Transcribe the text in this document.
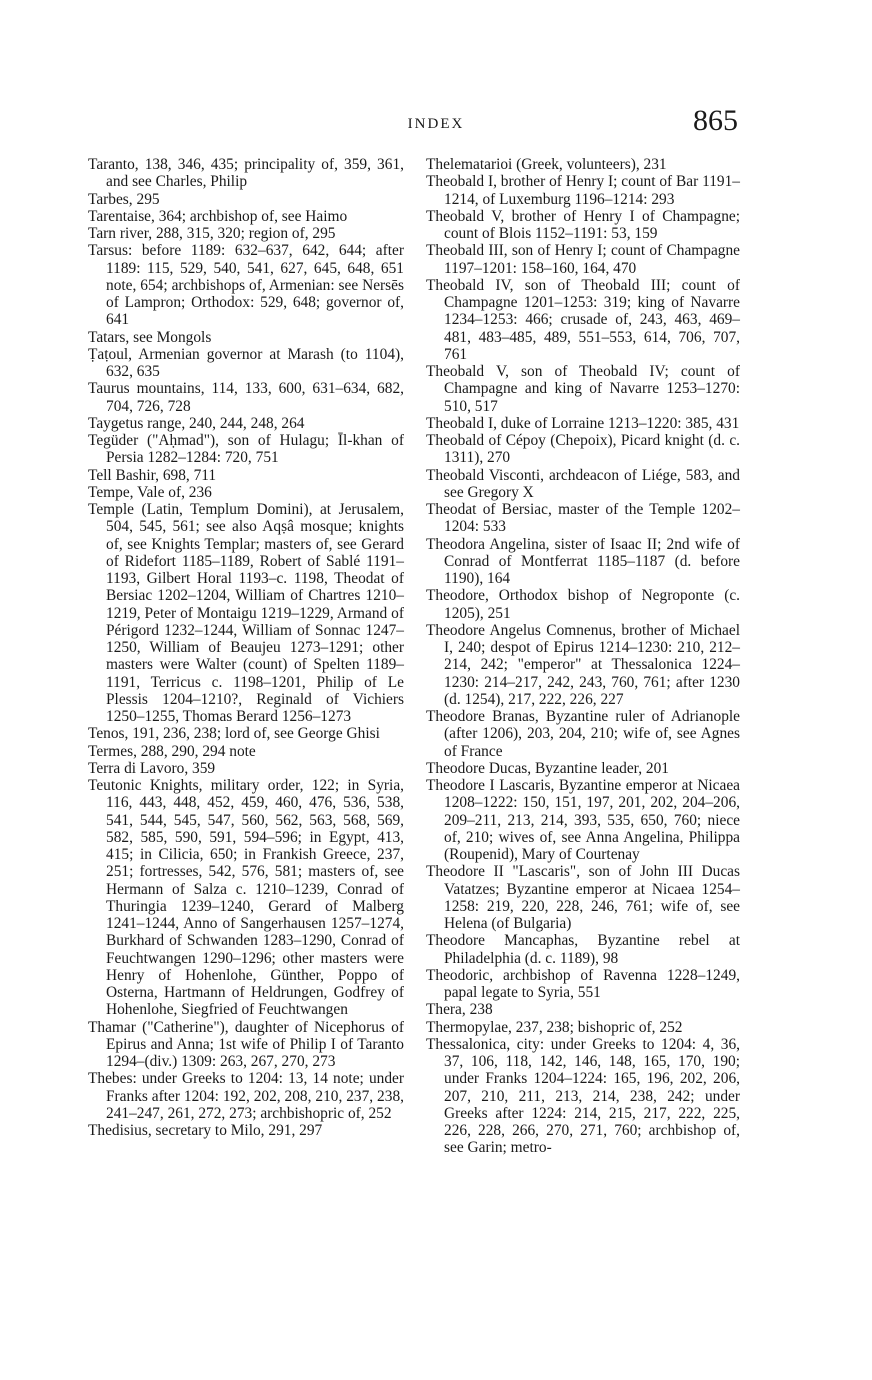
INDEX	865

Taranto, 138, 346, 435; principality of, 359, 361, and see Charles, Philip

Tarbes, 295

Tarentaise, 364; archbishop of, see Haimo

Tarn river, 288, 315, 320; region of, 295

Tarsus: before 1189: 632–637, 642, 644; after 1189: 115, 529, 540, 541, 627, 645, 648, 651 note, 654; archbishops of, Armenian: see Nersēs of Lampron; Orthodox: 529, 648; governor of, 641

Tatars, see Mongols

Ṭaṭoul, Armenian governor at Marash (to 1104), 632, 635

Taurus mountains, 114, 133, 600, 631–634, 682, 704, 726, 728

Taygetus range, 240, 244, 248, 264

Tegüder ("Aḥmad"), son of Hulagu; Īl-khan of Persia 1282–1284: 720, 751

Tell Bashir, 698, 711

Tempe, Vale of, 236

Temple (Latin, Templum Domini), at Jerusalem, 504, 545, 561; see also Aqṣâ mosque; knights of, see Knights Templar; masters of, see Gerard of Ridefort 1185–1189, Robert of Sablé 1191–1193, Gilbert Horal 1193–c. 1198, Theodat of Bersiac 1202–1204, William of Chartres 1210–1219, Peter of Montaigu 1219–1229, Armand of Périgord 1232–1244, William of Sonnac 1247–1250, William of Beaujeu 1273–1291; other masters were Walter (count) of Spelten 1189–1191, Terricus c. 1198–1201, Philip of Le Plessis 1204–1210?, Reginald of Vichiers 1250–1255, Thomas Berard 1256–1273

Tenos, 191, 236, 238; lord of, see George Ghisi

Termes, 288, 290, 294 note

Terra di Lavoro, 359

Teutonic Knights, military order, 122; in Syria, 116, 443, 448, 452, 459, 460, 476, 536, 538, 541, 544, 545, 547, 560, 562, 563, 568, 569, 582, 585, 590, 591, 594–596; in Egypt, 413, 415; in Cilicia, 650; in Frankish Greece, 237, 251; fortresses, 542, 576, 581; masters of, see Hermann of Salza c. 1210–1239, Conrad of Thuringia 1239–1240, Gerard of Malberg 1241–1244, Anno of Sangerhausen 1257–1274, Burkhard of Schwanden 1283–1290, Conrad of Feuchtwangen 1290–1296; other masters were Henry of Hohenlohe, Günther, Poppo of Osterna, Hartmann of Heldrungen, Godfrey of Hohenlohe, Siegfried of Feuchtwangen

Thamar ("Catherine"), daughter of Nicephorus of Epirus and Anna; 1st wife of Philip I of Taranto 1294–(div.) 1309: 263, 267, 270, 273

Thebes: under Greeks to 1204: 13, 14 note; under Franks after 1204: 192, 202, 208, 210, 237, 238, 241–247, 261, 272, 273; archbishopric of, 252

Thedisius, secretary to Milo, 291, 297

Thelematarioi (Greek, volunteers), 231

Theobald I, brother of Henry I; count of Bar 1191–1214, of Luxemburg 1196–1214: 293

Theobald V, brother of Henry I of Champagne; count of Blois 1152–1191: 53, 159

Theobald III, son of Henry I; count of Champagne 1197–1201: 158–160, 164, 470

Theobald IV, son of Theobald III; count of Champagne 1201–1253: 319; king of Navarre 1234–1253: 466; crusade of, 243, 463, 469–481, 483–485, 489, 551–553, 614, 706, 707, 761

Theobald V, son of Theobald IV; count of Champagne and king of Navarre 1253–1270: 510, 517

Theobald I, duke of Lorraine 1213–1220: 385, 431

Theobald of Cépoy (Chepoix), Picard knight (d. c. 1311), 270

Theobald Visconti, archdeacon of Liége, 583, and see Gregory X

Theodat of Bersiac, master of the Temple 1202–1204: 533

Theodora Angelina, sister of Isaac II; 2nd wife of Conrad of Montferrat 1185–1187 (d. before 1190), 164

Theodore, Orthodox bishop of Negroponte (c. 1205), 251

Theodore Angelus Comnenus, brother of Michael I, 240; despot of Epirus 1214–1230: 210, 212–214, 242; "emperor" at Thessalonica 1224–1230: 214–217, 242, 243, 760, 761; after 1230 (d. 1254), 217, 222, 226, 227

Theodore Branas, Byzantine ruler of Adrianople (after 1206), 203, 204, 210; wife of, see Agnes of France

Theodore Ducas, Byzantine leader, 201

Theodore I Lascaris, Byzantine emperor at Nicaea 1208–1222: 150, 151, 197, 201, 202, 204–206, 209–211, 213, 214, 393, 535, 650, 760; niece of, 210; wives of, see Anna Angelina, Philippa (Roupenid), Mary of Courtenay

Theodore II "Lascaris", son of John III Ducas Vatatzes; Byzantine emperor at Nicaea 1254–1258: 219, 220, 228, 246, 761; wife of, see Helena (of Bulgaria)

Theodore Mancaphas, Byzantine rebel at Philadelphia (d. c. 1189), 98

Theodoric, archbishop of Ravenna 1228–1249, papal legate to Syria, 551

Thera, 238

Thermopylae, 237, 238; bishopric of, 252

Thessalonica, city: under Greeks to 1204: 4, 36, 37, 106, 118, 142, 146, 148, 165, 170, 190; under Franks 1204–1224: 165, 196, 202, 206, 207, 210, 211, 213, 214, 238, 242; under Greeks after 1224: 214, 215, 217, 222, 225, 226, 228, 266, 270, 271, 760; archbishop of, see Garin; metro-
